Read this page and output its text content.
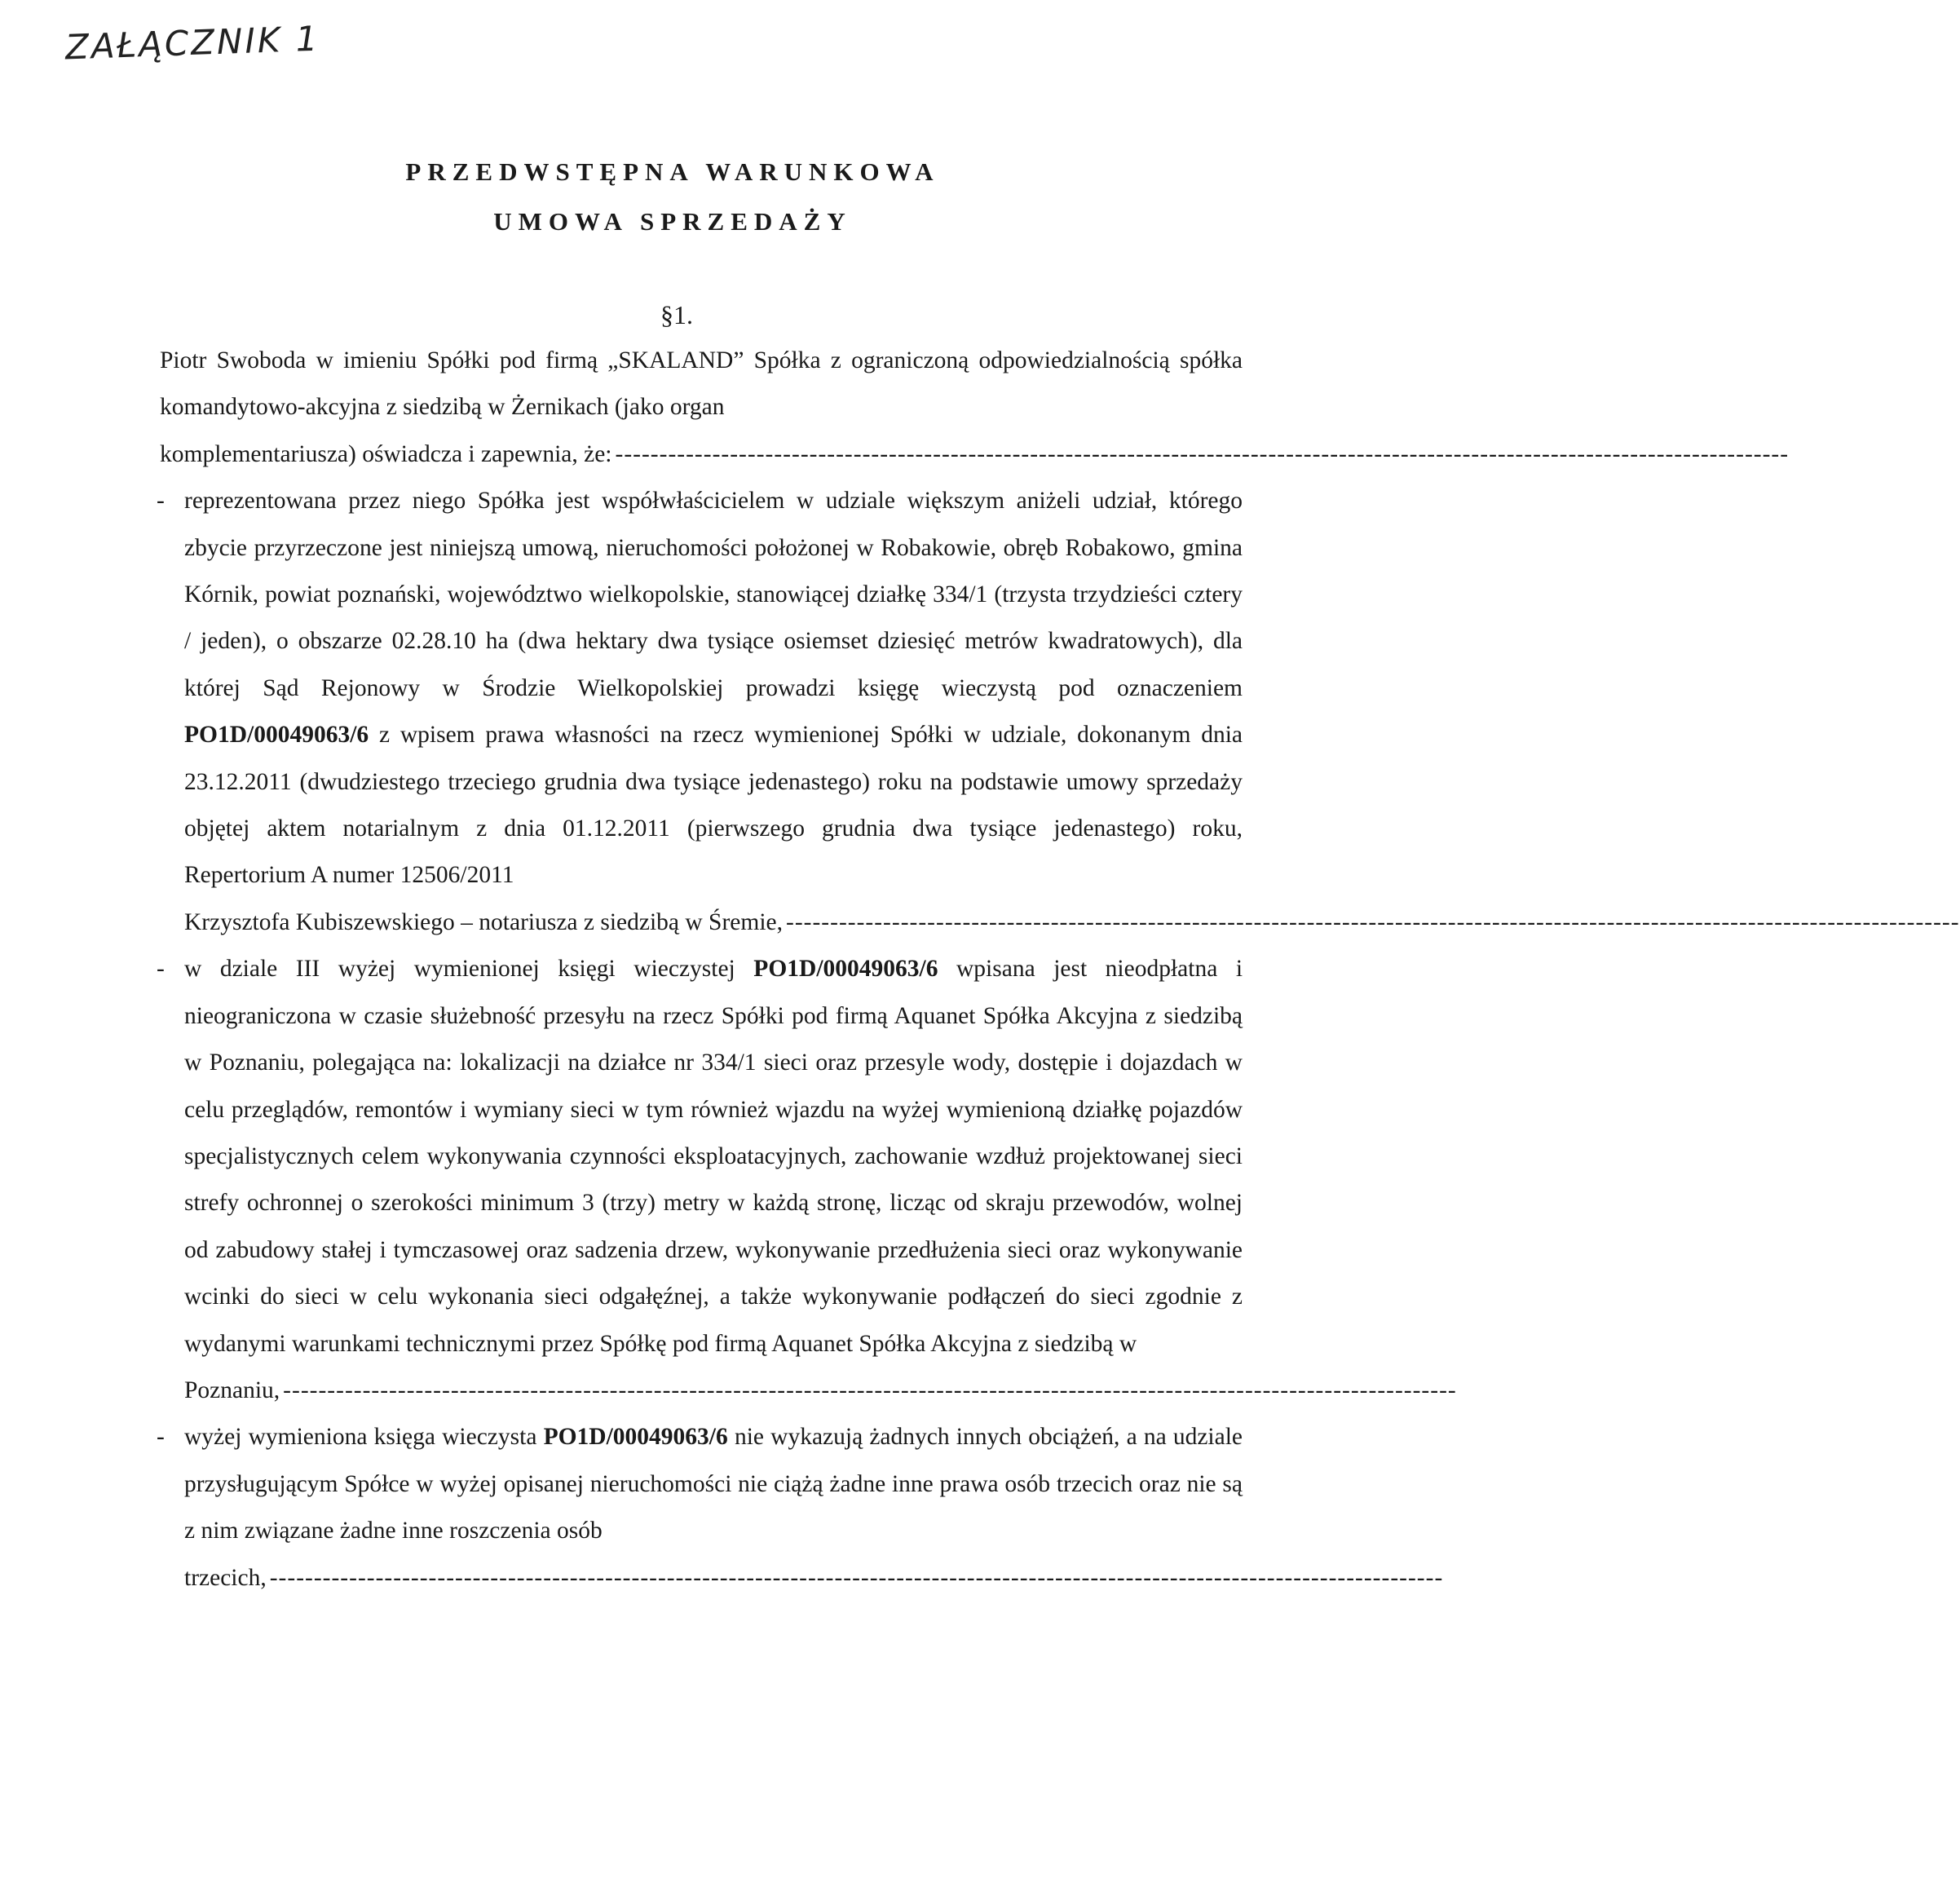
ZAŁĄCZNIK 1
PRZEDWSTĘPNA WARUNKOWA
UMOWA SPRZEDAŻY
§1.
Piotr Swoboda w imieniu Spółki pod firmą „SKALAND” Spółka z ograniczoną odpowiedzialnością spółka komandytowo-akcyjna z siedzibą w Żernikach (jako organ
komplementariusza) oświadcza i zapewnia, że: -------------------------------------------------------------------------------------------------------------------------------------
- reprezentowana przez niego Spółka jest współwłaścicielem w udziale większym aniżeli udział, którego zbycie przyrzeczone jest niniejszą umową, nieruchomości położonej w Robakowie, obręb Robakowo, gmina Kórnik, powiat poznański, województwo wielkopolskie, stanowiącej działkę 334/1 (trzysta trzydzieści cztery / jeden), o obszarze 02.28.10 ha (dwa hektary dwa tysiące osiemset dziesięć metrów kwadratowych), dla której Sąd Rejonowy w Środzie Wielkopolskiej prowadzi księgę wieczystą pod oznaczeniem PO1D/00049063/6 z wpisem prawa własności na rzecz wymienionej Spółki w udziale, dokonanym dnia 23.12.2011 (dwudziestego trzeciego grudnia dwa tysiące jedenastego) roku na podstawie umowy sprzedaży objętej aktem notarialnym z dnia 01.12.2011 (pierwszego grudnia dwa tysiące jedenastego) roku, Repertorium A numer 12506/2011
Krzysztofa Kubiszewskiego – notariusza z siedzibą w Śremie, -------------------------------------------------------------------------------------------------------------------------------------
- w dziale III wyżej wymienionej księgi wieczystej PO1D/00049063/6 wpisana jest nieodpłatna i nieograniczona w czasie służebność przesyłu na rzecz Spółki pod firmą Aquanet Spółka Akcyjna z siedzibą w Poznaniu, polegająca na: lokalizacji na działce nr 334/1 sieci oraz przesyle wody, dostępie i dojazdach w celu przeglądów, remontów i wymiany sieci w tym również wjazdu na wyżej wymienioną działkę pojazdów specjalistycznych celem wykonywania czynności eksploatacyjnych, zachowanie wzdłuż projektowanej sieci strefy ochronnej o szerokości minimum 3 (trzy) metry w każdą stronę, licząc od skraju przewodów, wolnej od zabudowy stałej i tymczasowej oraz sadzenia drzew, wykonywanie przedłużenia sieci oraz wykonywanie wcinki do sieci w celu wykonania sieci odgałęźnej, a także wykonywanie podłączeń do sieci zgodnie z wydanymi warunkami technicznymi przez Spółkę pod firmą Aquanet Spółka Akcyjna z siedzibą w
Poznaniu, -------------------------------------------------------------------------------------------------------------------------------------
- wyżej wymieniona księga wieczysta PO1D/00049063/6 nie wykazują żadnych innych obciążeń, a na udziale przysługującym Spółce w wyżej opisanej nieruchomości nie ciążą żadne inne prawa osób trzecich oraz nie są z nim związane żadne inne roszczenia osób
trzecich, -------------------------------------------------------------------------------------------------------------------------------------
